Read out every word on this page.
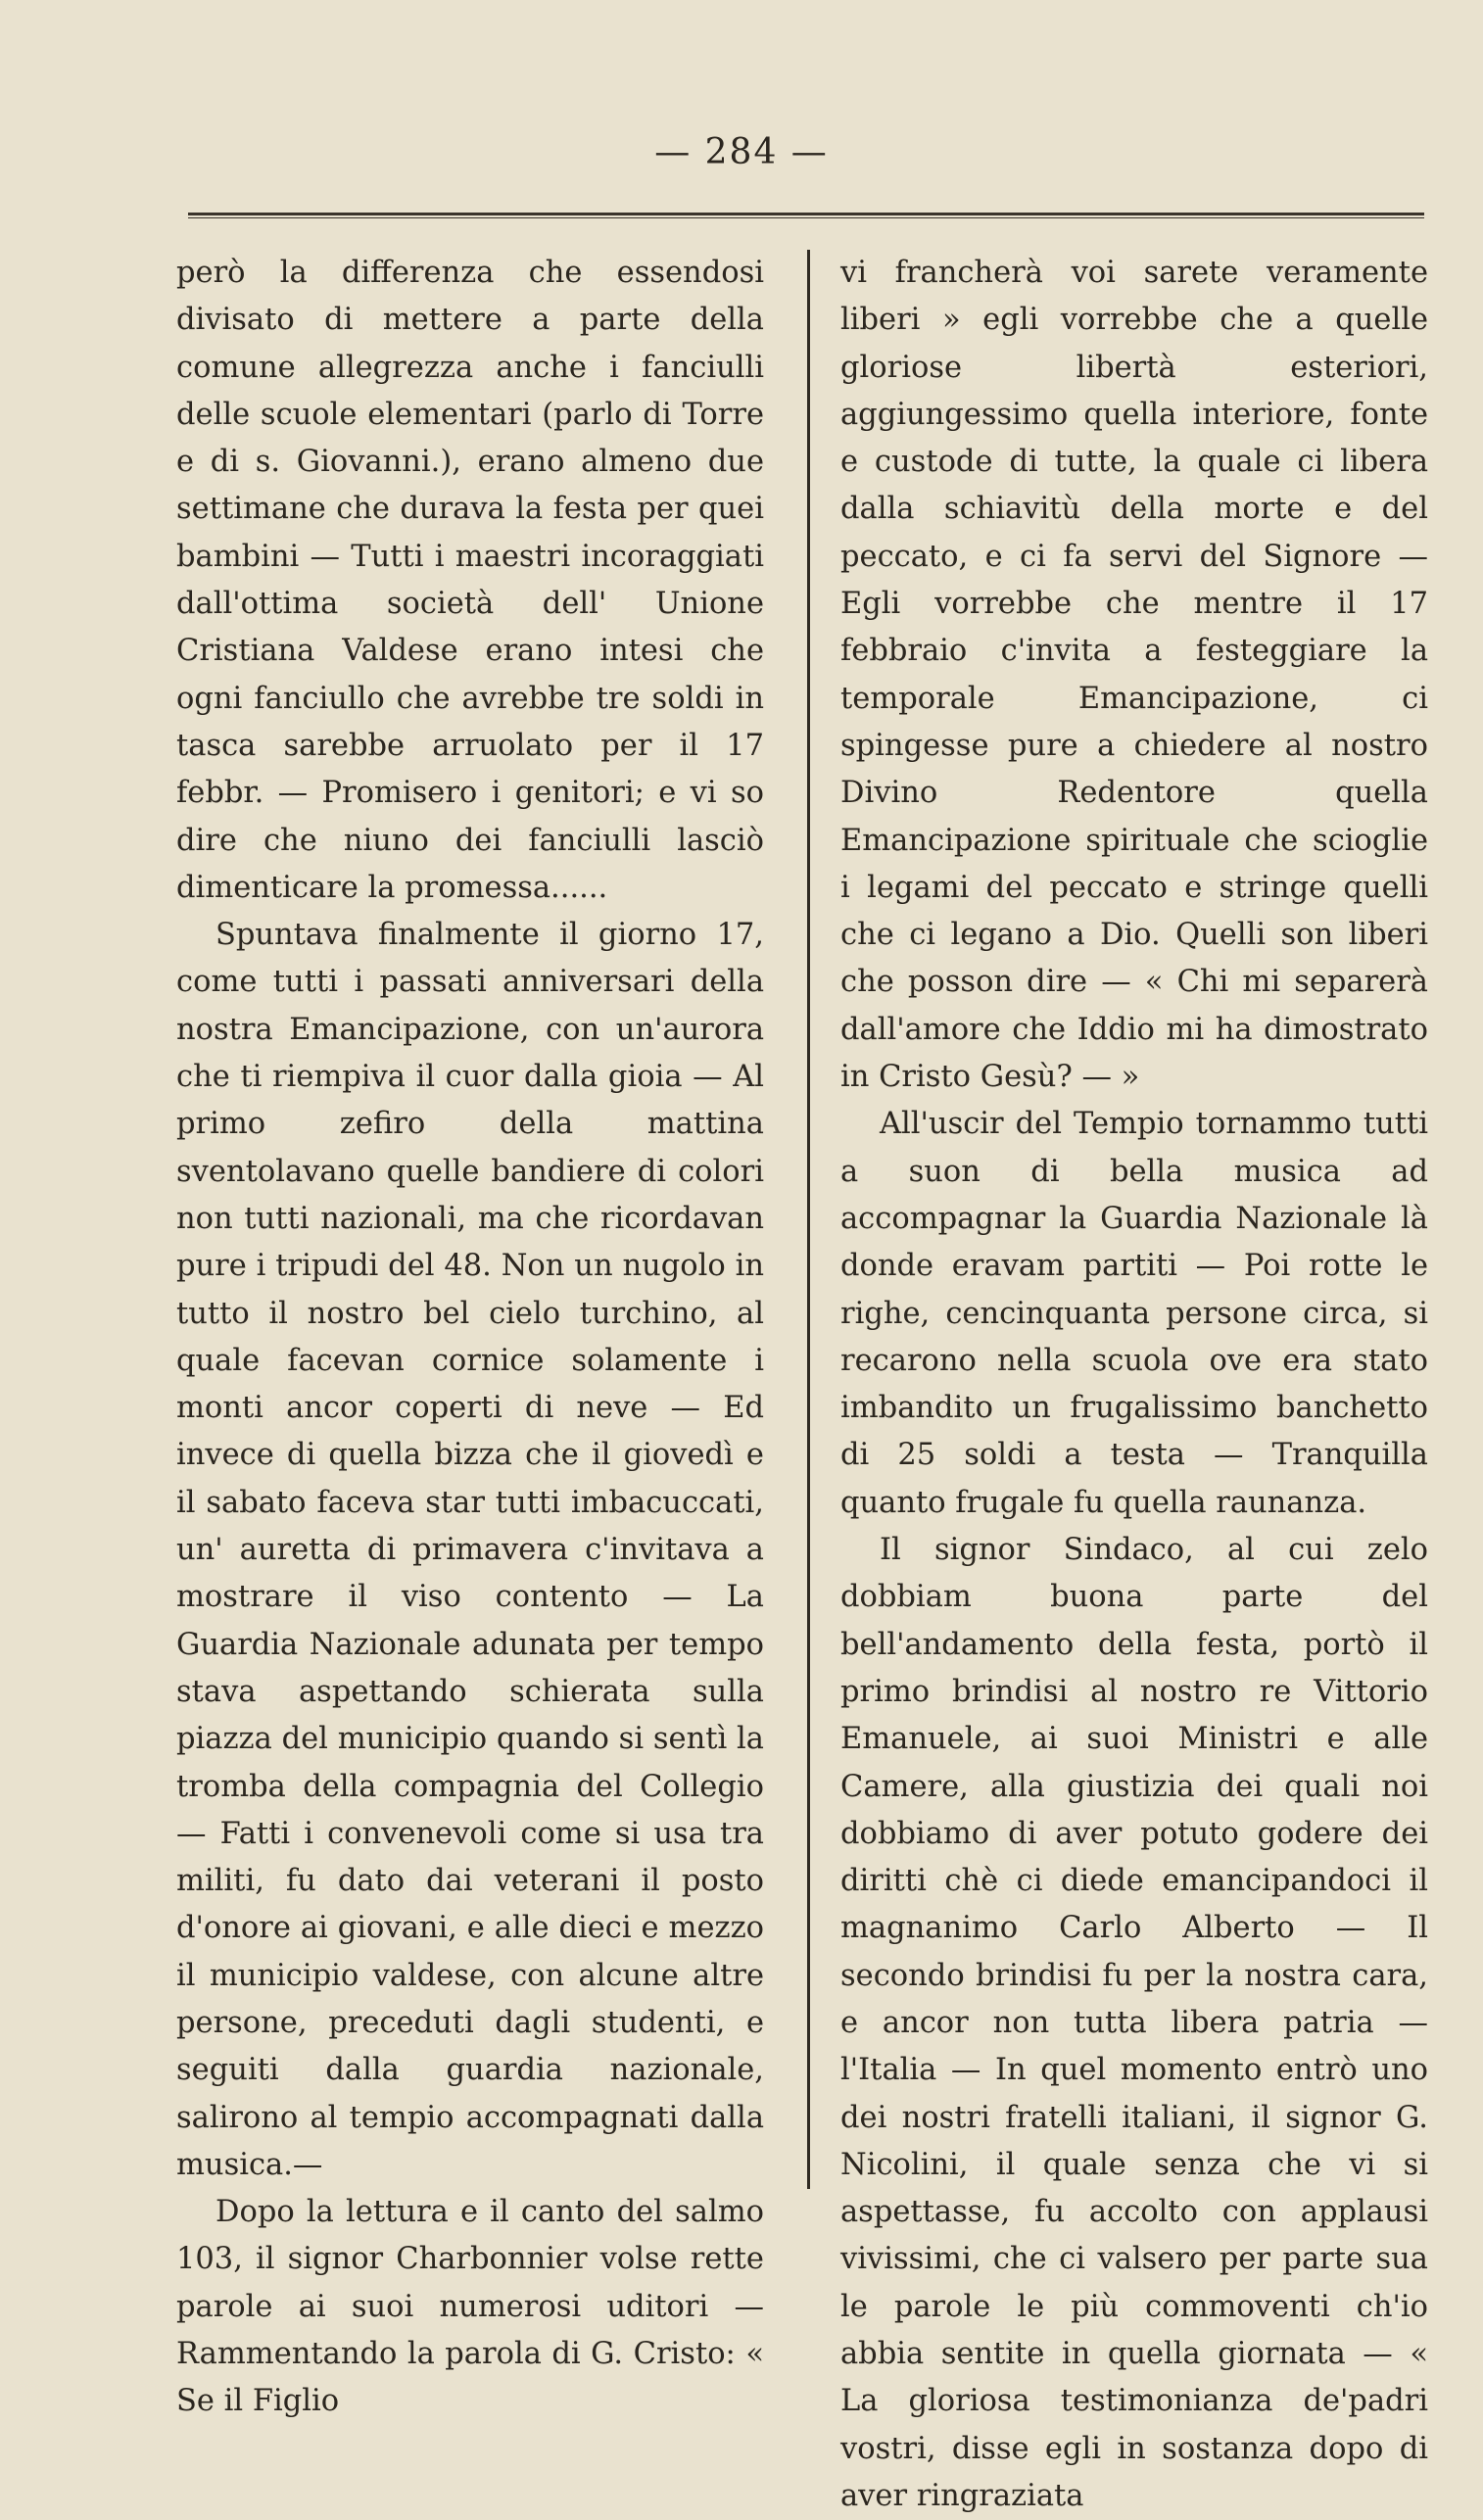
— 284 —

però la differenza che essendosi divisato di mettere a parte della comune allegrezza anche i fanciulli delle scuole elementari (parlo di Torre e di s. Giovanni.), erano almeno due settimane che durava la festa per quei bambini — Tutti i maestri incoraggiati dall'ottima società dell' Unione Cristiana Valdese erano intesi che ogni fanciullo che avrebbe tre soldi in tasca sarebbe arruolato per il 17 febbr. — Promisero i genitori; e vi so dire che niuno dei fanciulli lasciò dimenticare la promessa......

Spuntava finalmente il giorno 17, come tutti i passati anniversari della nostra Emancipazione, con un'aurora che ti riempiva il cuor dalla gioia — Al primo zefiro della mattina sventolavano quelle bandiere di colori non tutti nazionali, ma che ricordavan pure i tripudi del 48. Non un nugolo in tutto il nostro bel cielo turchino, al quale facevan cornice solamente i monti ancor coperti di neve — Ed invece di quella bizza che il giovedì e il sabato faceva star tutti imbacuccati, un' auretta di primavera c'invitava a mostrare il viso contento — La Guardia Nazionale adunata per tempo stava aspettando schierata sulla piazza del municipio quando si sentì la tromba della compagnia del Collegio — Fatti i convenevoli come si usa tra militi, fu dato dai veterani il posto d'onore ai giovani, e alle dieci e mezzo il municipio valdese, con alcune altre persone, preceduti dagli studenti, e seguiti dalla guardia nazionale, salirono al tempio accompagnati dalla musica.—

Dopo la lettura e il canto del salmo 103, il signor Charbonnier volse rette parole ai suoi numerosi uditori — Rammentando la parola di G. Cristo: « Se il Figlio

vi francherà voi sarete veramente liberi » egli vorrebbe che a quelle gloriose libertà esteriori, aggiungessimo quella interiore, fonte e custode di tutte, la quale ci libera dalla schiavitù della morte e del peccato, e ci fa servi del Signore — Egli vorrebbe che mentre il 17 febbraio c'invita a festeggiare la temporale Emancipazione, ci spingesse pure a chiedere al nostro Divino Redentore quella Emancipazione spirituale che scioglie i legami del peccato e stringe quelli che ci legano a Dio. Quelli son liberi che posson dire — « Chi mi separerà dall'amore che Iddio mi ha dimostrato in Cristo Gesù? — »

All'uscir del Tempio tornammo tutti a suon di bella musica ad accompagnar la Guardia Nazionale là donde eravam partiti — Poi rotte le righe, cencinquanta persone circa, si recarono nella scuola ove era stato imbandito un frugalissimo banchetto di 25 soldi a testa — Tranquilla quanto frugale fu quella raunanza.

Il signor Sindaco, al cui zelo dobbiam buona parte del bell'andamento della festa, portò il primo brindisi al nostro re Vittorio Emanuele, ai suoi Ministri e alle Camere, alla giustizia dei quali noi dobbiamo di aver potuto godere dei diritti chè ci diede emancipandoci il magnanimo Carlo Alberto — Il secondo brindisi fu per la nostra cara, e ancor non tutta libera patria — l'Italia — In quel momento entrò uno dei nostri fratelli italiani, il signor G. Nicolini, il quale senza che vi si aspettasse, fu accolto con applausi vivissimi, che ci valsero per parte sua le parole le più commoventi ch'io abbia sentite in quella giornata — « La gloriosa testimonianza de'padri vostri, disse egli in sostanza dopo di aver ringraziata
